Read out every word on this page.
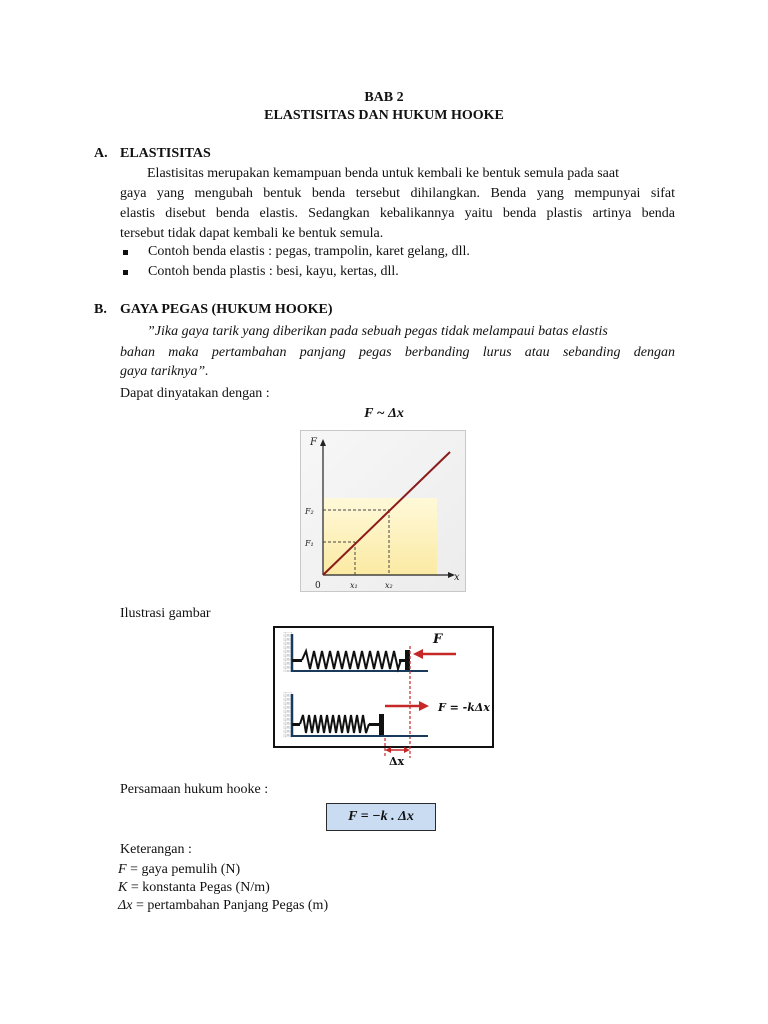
BAB 2
ELASTISITAS DAN HUKUM HOOKE
A. ELASTISITAS
Elastisitas merupakan kemampuan benda untuk kembali ke bentuk semula pada saat
gaya yang mengubah bentuk benda tersebut dihilangkan. Benda yang mempunyai sifat
elastis disebut benda elastis. Sedangkan kebalikannya yaitu benda plastis artinya benda
tersebut tidak dapat kembali ke bentuk semula.
Contoh benda elastis : pegas, trampolin, karet gelang, dll.
Contoh benda plastis : besi, kayu, kertas, dll.
B. GAYA PEGAS (HUKUM HOOKE)
”Jika gaya tarik yang diberikan pada sebuah pegas tidak melampaui batas elastis
bahan maka pertambahan panjang pegas berbanding lurus atau sebanding dengan
gaya tariknya”.
Dapat dinyatakan dengan :
F ~ Δx
F
x
0
F₁
F₂
x₁	x₂
Ilustrasi gambar
F
F = -kΔx
Δx
Persamaan hukum hooke :
F = −k . Δx
Keterangan :
F = gaya pemulih (N)
K = konstanta Pegas (N/m)
Δx = pertambahan Panjang Pegas (m)
